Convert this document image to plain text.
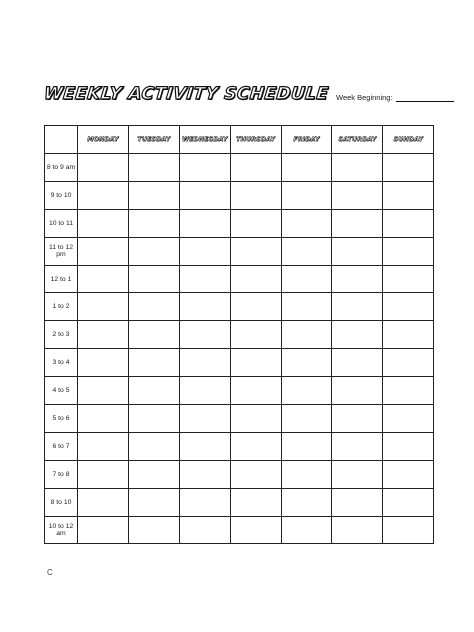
WEEKLY ACTIVITY SCHEDULE Week Beginning:
	MONDAY	TUESDAY	WEDNESDAY	THURSDAY	FRIDAY	SATURDAY	SUNDAY
8 to 9 am							
9 to 10							
10 to 11							
11 to 12 pm							
12 to 1							
1 to 2							
2 to 3							
3 to 4							
4 to 5							
5 to 6							
6 to 7							
7 to 8							
8 to 10							
10 to 12 am							
C
